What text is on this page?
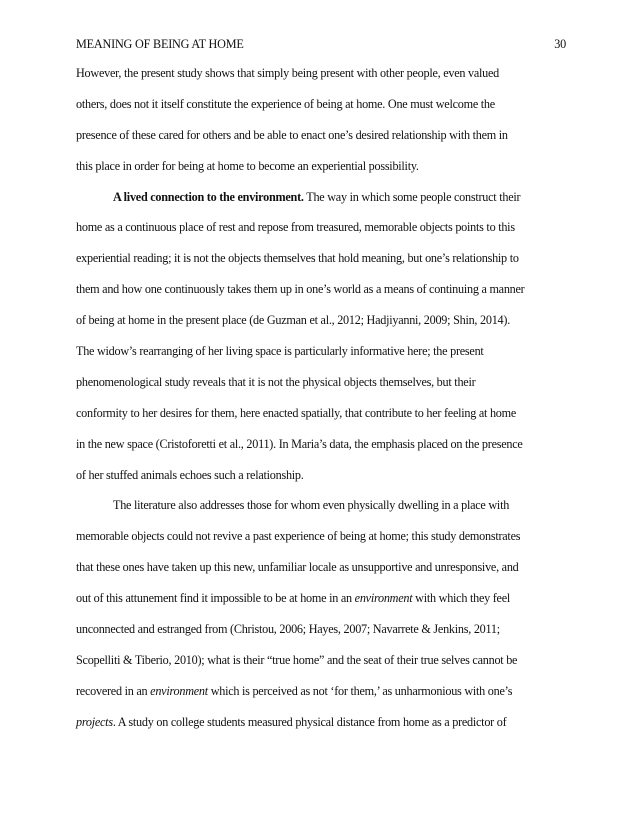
MEANING OF BEING AT HOME	30
However, the present study shows that simply being present with other people, even valued
others, does not it itself constitute the experience of being at home. One must welcome the
presence of these cared for others and be able to enact one’s desired relationship with them in
this place in order for being at home to become an experiential possibility.
A lived connection to the environment. The way in which some people construct their
home as a continuous place of rest and repose from treasured, memorable objects points to this
experiential reading; it is not the objects themselves that hold meaning, but one’s relationship to
them and how one continuously takes them up in one’s world as a means of continuing a manner
of being at home in the present place (de Guzman et al., 2012; Hadjiyanni, 2009; Shin, 2014).
The widow’s rearranging of her living space is particularly informative here; the present
phenomenological study reveals that it is not the physical objects themselves, but their
conformity to her desires for them, here enacted spatially, that contribute to her feeling at home
in the new space (Cristoforetti et al., 2011). In Maria’s data, the emphasis placed on the presence
of her stuffed animals echoes such a relationship.
The literature also addresses those for whom even physically dwelling in a place with
memorable objects could not revive a past experience of being at home; this study demonstrates
that these ones have taken up this new, unfamiliar locale as unsupportive and unresponsive, and
out of this attunement find it impossible to be at home in an environment with which they feel
unconnected and estranged from (Christou, 2006; Hayes, 2007; Navarrete & Jenkins, 2011;
Scopelliti & Tiberio, 2010); what is their “true home” and the seat of their true selves cannot be
recovered in an environment which is perceived as not ‘for them,’ as unharmonious with one’s
projects. A study on college students measured physical distance from home as a predictor of
